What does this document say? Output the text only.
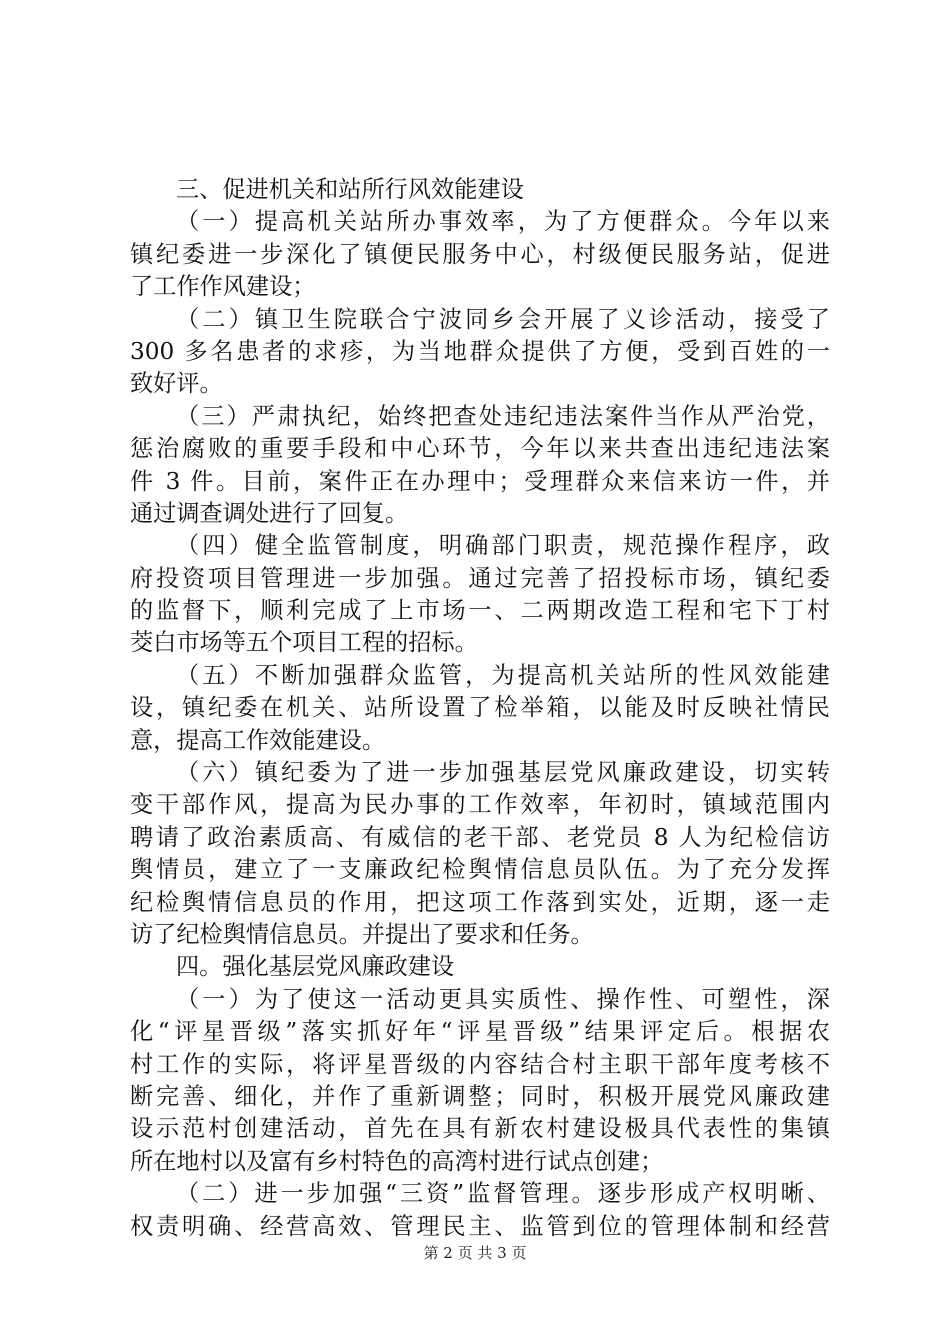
三、促进机关和站所行风效能建设
（一）提高机关站所办事效率，为了方便群众。今年以来
镇纪委进一步深化了镇便民服务中心，村级便民服务站，促进
了工作作风建设；
（二）镇卫生院联合宁波同乡会开展了义诊活动，接受了
300 多名患者的求疹，为当地群众提供了方便，受到百姓的一
致好评。
（三）严肃执纪，始终把查处违纪违法案件当作从严治党，
惩治腐败的重要手段和中心环节，今年以来共查出违纪违法案
件 3 件。目前，案件正在办理中；受理群众来信来访一件，并
通过调查调处进行了回复。
（四）健全监管制度，明确部门职责，规范操作程序，政
府投资项目管理进一步加强。通过完善了招投标市场，镇纪委
的监督下，顺利完成了上市场一、二两期改造工程和宅下丁村
茭白市场等五个项目工程的招标。
（五）不断加强群众监管，为提高机关站所的性风效能建
设，镇纪委在机关、站所设置了检举箱，以能及时反映社情民
意，提高工作效能建设。
（六）镇纪委为了进一步加强基层党风廉政建设，切实转
变干部作风，提高为民办事的工作效率，年初时，镇域范围内
聘请了政治素质高、有威信的老干部、老党员 8 人为纪检信访
舆情员，建立了一支廉政纪检舆情信息员队伍。为了充分发挥
纪检舆情信息员的作用，把这项工作落到实处，近期，逐一走
访了纪检舆情信息员。并提出了要求和任务。
四。强化基层党风廉政建设
（一）为了使这一活动更具实质性、操作性、可塑性，深
化“评星晋级”落实抓好年“评星晋级”结果评定后。根据农
村工作的实际，将评星晋级的内容结合村主职干部年度考核不
断完善、细化，并作了重新调整；同时，积极开展党风廉政建
设示范村创建活动，首先在具有新农村建设极具代表性的集镇
所在地村以及富有乡村特色的高湾村进行试点创建；
（二）进一步加强“三资”监督管理。逐步形成产权明晰、
权责明确、经营高效、管理民主、监管到位的管理体制和经营
第 2 页 共 3 页
